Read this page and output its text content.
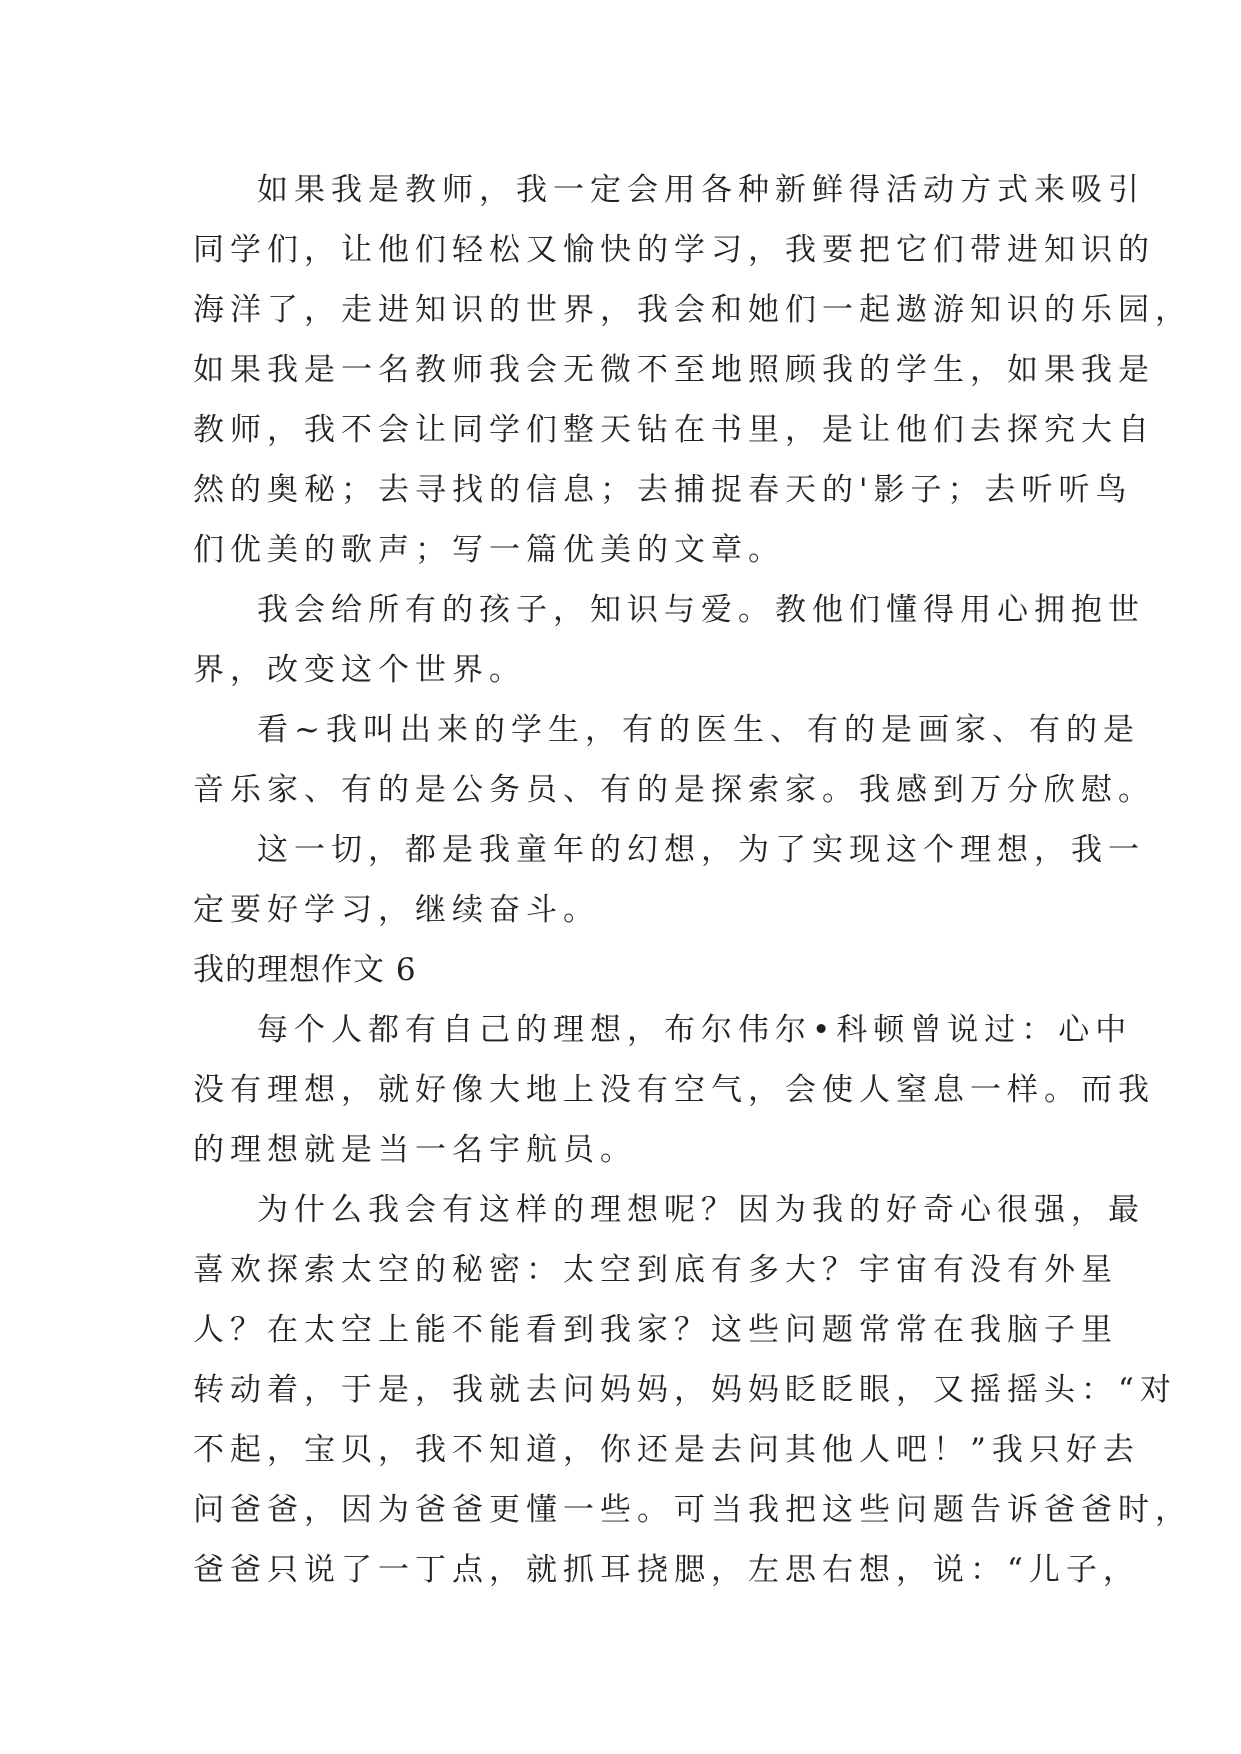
如果我是教师，我一定会用各种新鲜得活动方式来吸引
同学们，让他们轻松又愉快的学习，我要把它们带进知识的
海洋了，走进知识的世界，我会和她们一起遨游知识的乐园，
如果我是一名教师我会无微不至地照顾我的学生，如果我是
教师，我不会让同学们整天钻在书里，是让他们去探究大自
然的奥秘；去寻找的信息；去捕捉春天的'影子；去听听鸟
们优美的歌声；写一篇优美的文章。
我会给所有的孩子，知识与爱。教他们懂得用心拥抱世
界，改变这个世界。
看~我叫出来的学生，有的医生、有的是画家、有的是
音乐家、有的是公务员、有的是探索家。我感到万分欣慰。
这一切，都是我童年的幻想，为了实现这个理想，我一
定要好学习，继续奋斗。
我的理想作文 6
每个人都有自己的理想，布尔伟尔•科顿曾说过：心中
没有理想，就好像大地上没有空气，会使人窒息一样。而我
的理想就是当一名宇航员。
为什么我会有这样的理想呢？因为我的好奇心很强，最
喜欢探索太空的秘密：太空到底有多大？宇宙有没有外星
人？在太空上能不能看到我家？这些问题常常在我脑子里
转动着，于是，我就去问妈妈，妈妈眨眨眼，又摇摇头：“对
不起，宝贝，我不知道，你还是去问其他人吧！”我只好去
问爸爸，因为爸爸更懂一些。可当我把这些问题告诉爸爸时，
爸爸只说了一丁点，就抓耳挠腮，左思右想，说：“儿子，
